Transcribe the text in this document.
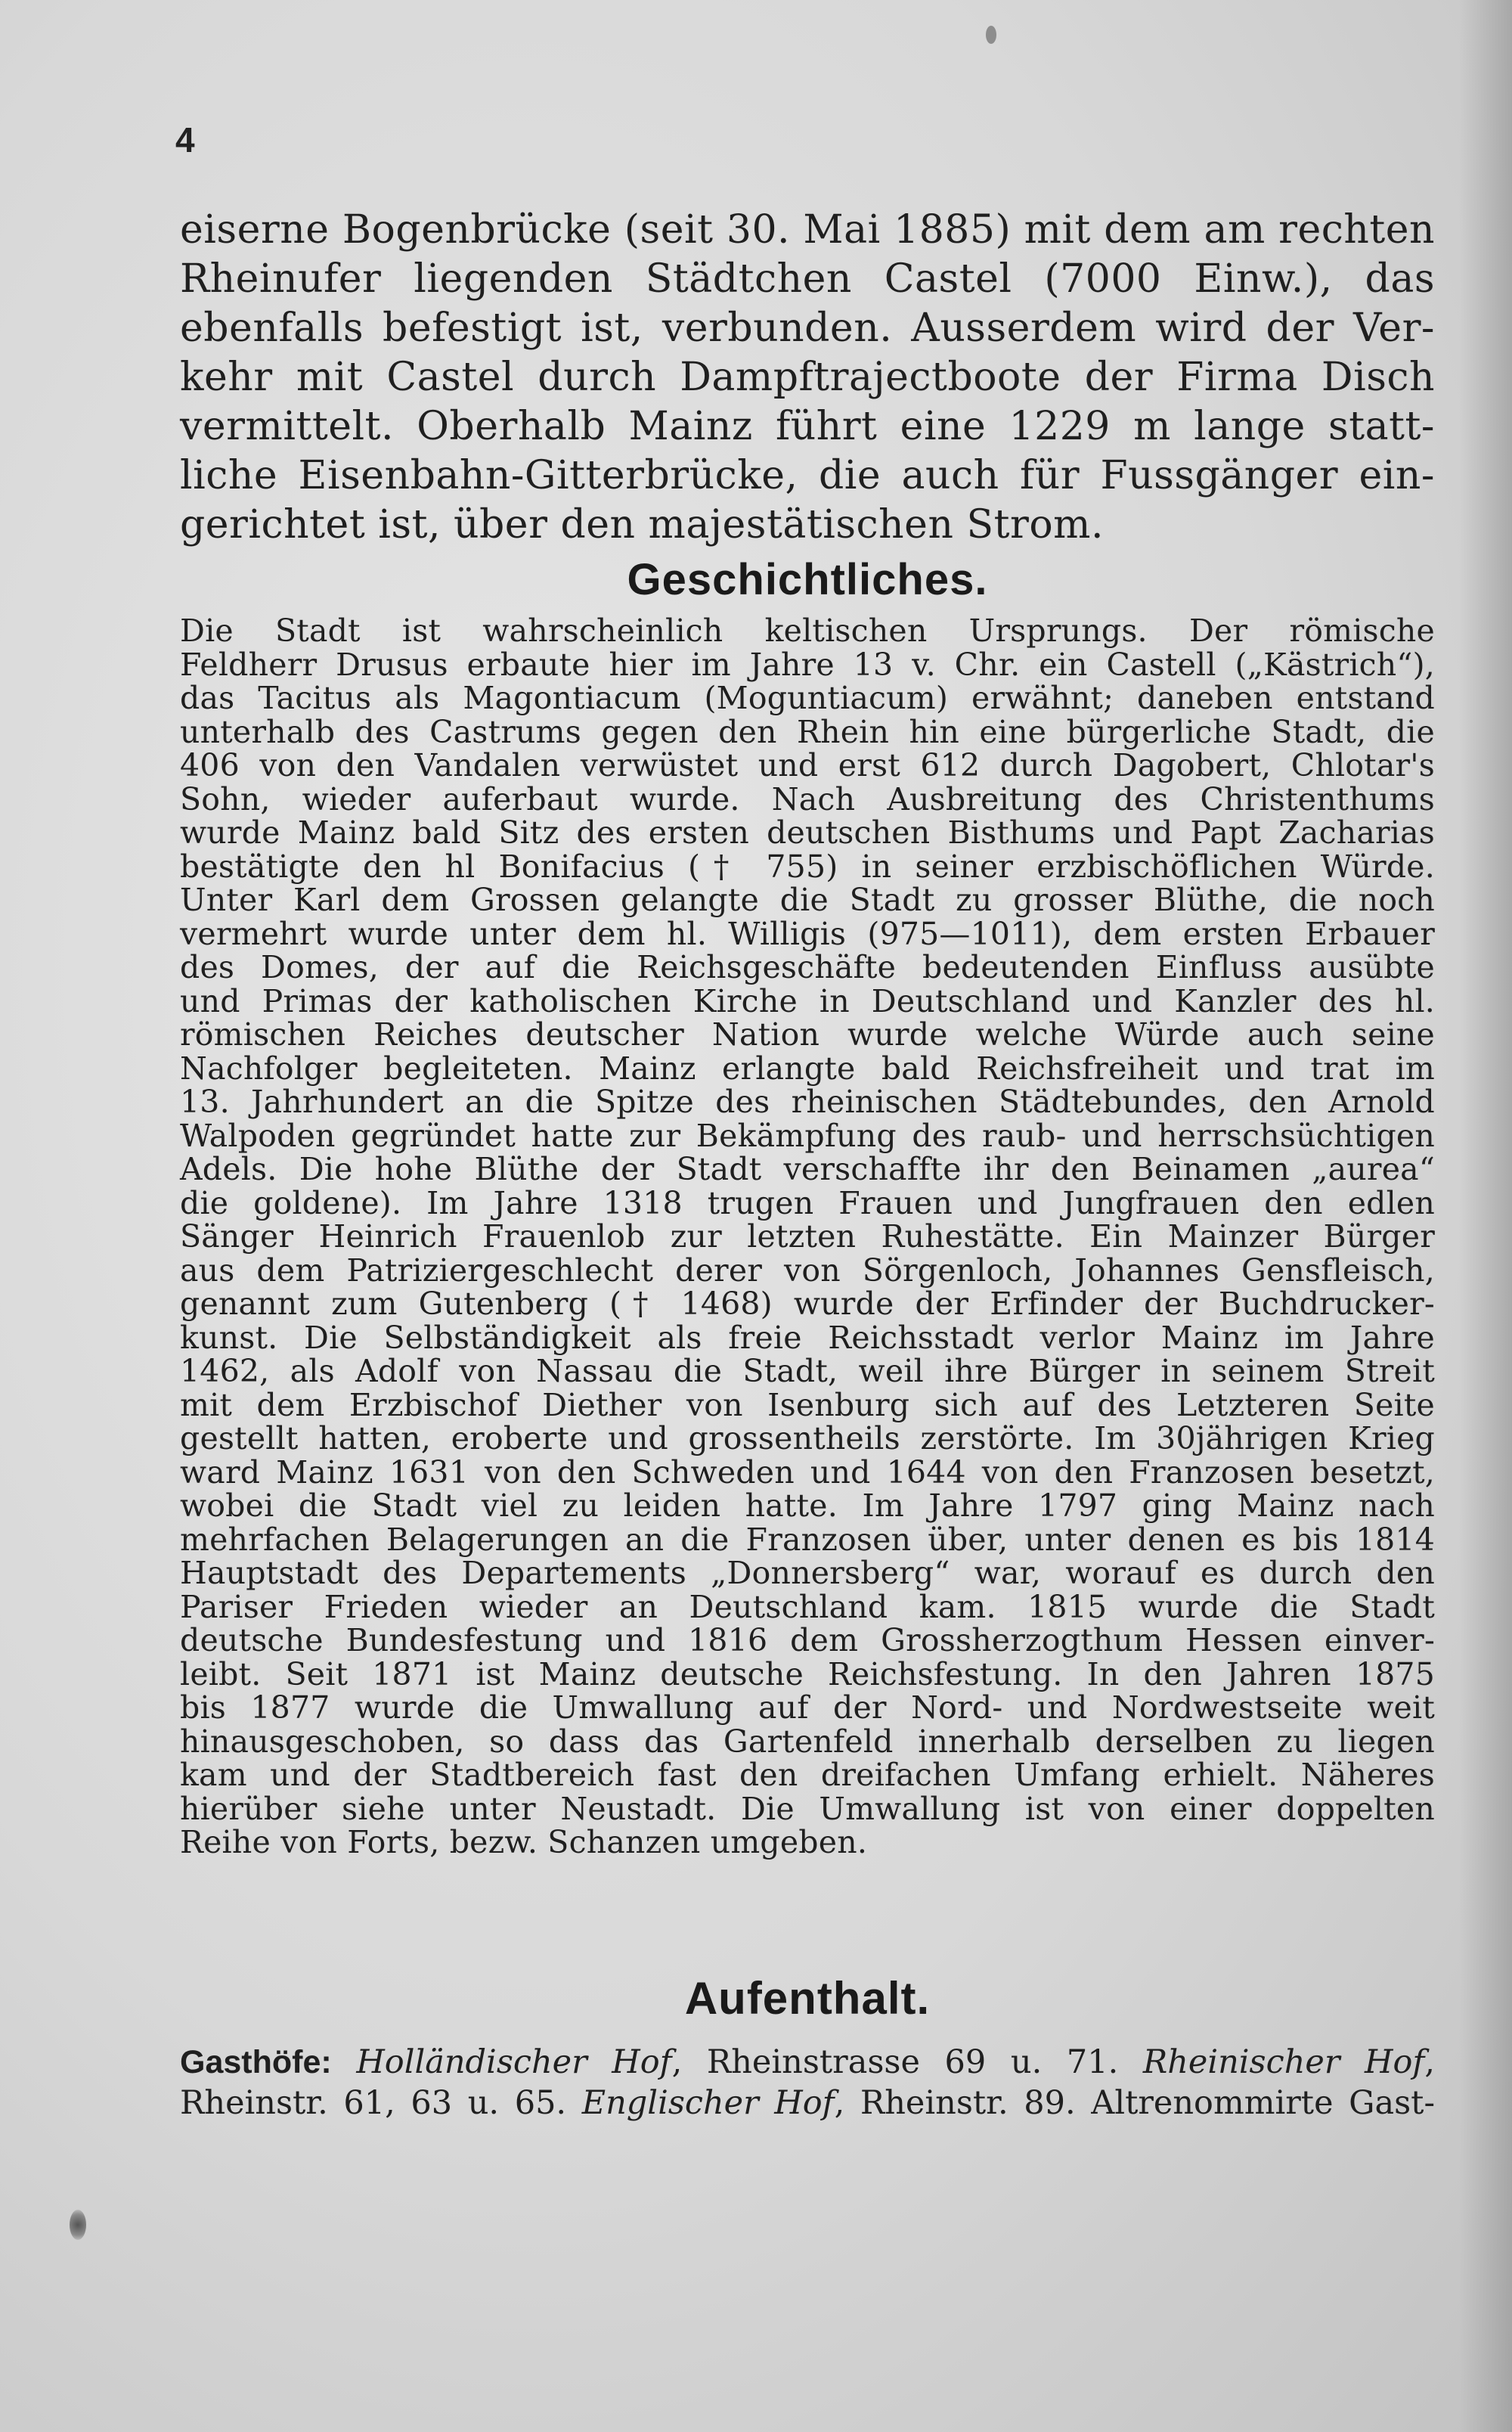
4
eiserne Bogenbrücke (seit 30. Mai 1885) mit dem am rechten
Rheinufer liegenden Städtchen Castel (7000 Einw.), das
ebenfalls befestigt ist, verbunden. Ausserdem wird der Ver-
kehr mit Castel durch Dampftrajectboote der Firma Disch
vermittelt. Oberhalb Mainz führt eine 1229 m lange statt-
liche Eisenbahn-Gitterbrücke, die auch für Fussgänger ein-
gerichtet ist, über den majestätischen Strom.
Geschichtliches.
Die Stadt ist wahrscheinlich keltischen Ursprungs. Der römische
Feldherr Drusus erbaute hier im Jahre 13 v. Chr. ein Castell („Kästrich“),
das Tacitus als Magontiacum (Moguntiacum) erwähnt; daneben entstand
unterhalb des Castrums gegen den Rhein hin eine bürgerliche Stadt, die
406 von den Vandalen verwüstet und erst 612 durch Dagobert, Chlotar's
Sohn, wieder auferbaut wurde. Nach Ausbreitung des Christenthums
wurde Mainz bald Sitz des ersten deutschen Bisthums und Papt Zacharias
bestätigte den hl Bonifacius († 755) in seiner erzbischöflichen Würde.
Unter Karl dem Grossen gelangte die Stadt zu grosser Blüthe, die noch
vermehrt wurde unter dem hl. Willigis (975—1011), dem ersten Erbauer
des Domes, der auf die Reichsgeschäfte bedeutenden Einfluss ausübte
und Primas der katholischen Kirche in Deutschland und Kanzler des hl.
römischen Reiches deutscher Nation wurde welche Würde auch seine
Nachfolger begleiteten. Mainz erlangte bald Reichsfreiheit und trat im
13. Jahrhundert an die Spitze des rheinischen Städtebundes, den Arnold
Walpoden gegründet hatte zur Bekämpfung des raub- und herrschsüchtigen
Adels. Die hohe Blüthe der Stadt verschaffte ihr den Beinamen „aurea“
die goldene). Im Jahre 1318 trugen Frauen und Jungfrauen den edlen
Sänger Heinrich Frauenlob zur letzten Ruhestätte. Ein Mainzer Bürger
aus dem Patriziergeschlecht derer von Sörgenloch, Johannes Gensfleisch,
genannt zum Gutenberg († 1468) wurde der Erfinder der Buchdrucker-
kunst. Die Selbständigkeit als freie Reichsstadt verlor Mainz im Jahre
1462, als Adolf von Nassau die Stadt, weil ihre Bürger in seinem Streit
mit dem Erzbischof Diether von Isenburg sich auf des Letzteren Seite
gestellt hatten, eroberte und grossentheils zerstörte. Im 30jährigen Krieg
ward Mainz 1631 von den Schweden und 1644 von den Franzosen besetzt,
wobei die Stadt viel zu leiden hatte. Im Jahre 1797 ging Mainz nach
mehrfachen Belagerungen an die Franzosen über, unter denen es bis 1814
Hauptstadt des Departements „Donnersberg“ war, worauf es durch den
Pariser Frieden wieder an Deutschland kam. 1815 wurde die Stadt
deutsche Bundesfestung und 1816 dem Grossherzogthum Hessen einver-
leibt. Seit 1871 ist Mainz deutsche Reichsfestung. In den Jahren 1875
bis 1877 wurde die Umwallung auf der Nord- und Nordwestseite weit
hinausgeschoben, so dass das Gartenfeld innerhalb derselben zu liegen
kam und der Stadtbereich fast den dreifachen Umfang erhielt. Näheres
hierüber siehe unter Neustadt. Die Umwallung ist von einer doppelten
Reihe von Forts, bezw. Schanzen umgeben.
Aufenthalt.
Gasthöfe: Holländischer Hof, Rheinstrasse 69 u. 71. Rheinischer Hof,
Rheinstr. 61, 63 u. 65. Englischer Hof, Rheinstr. 89. Altrenommirte Gast-
